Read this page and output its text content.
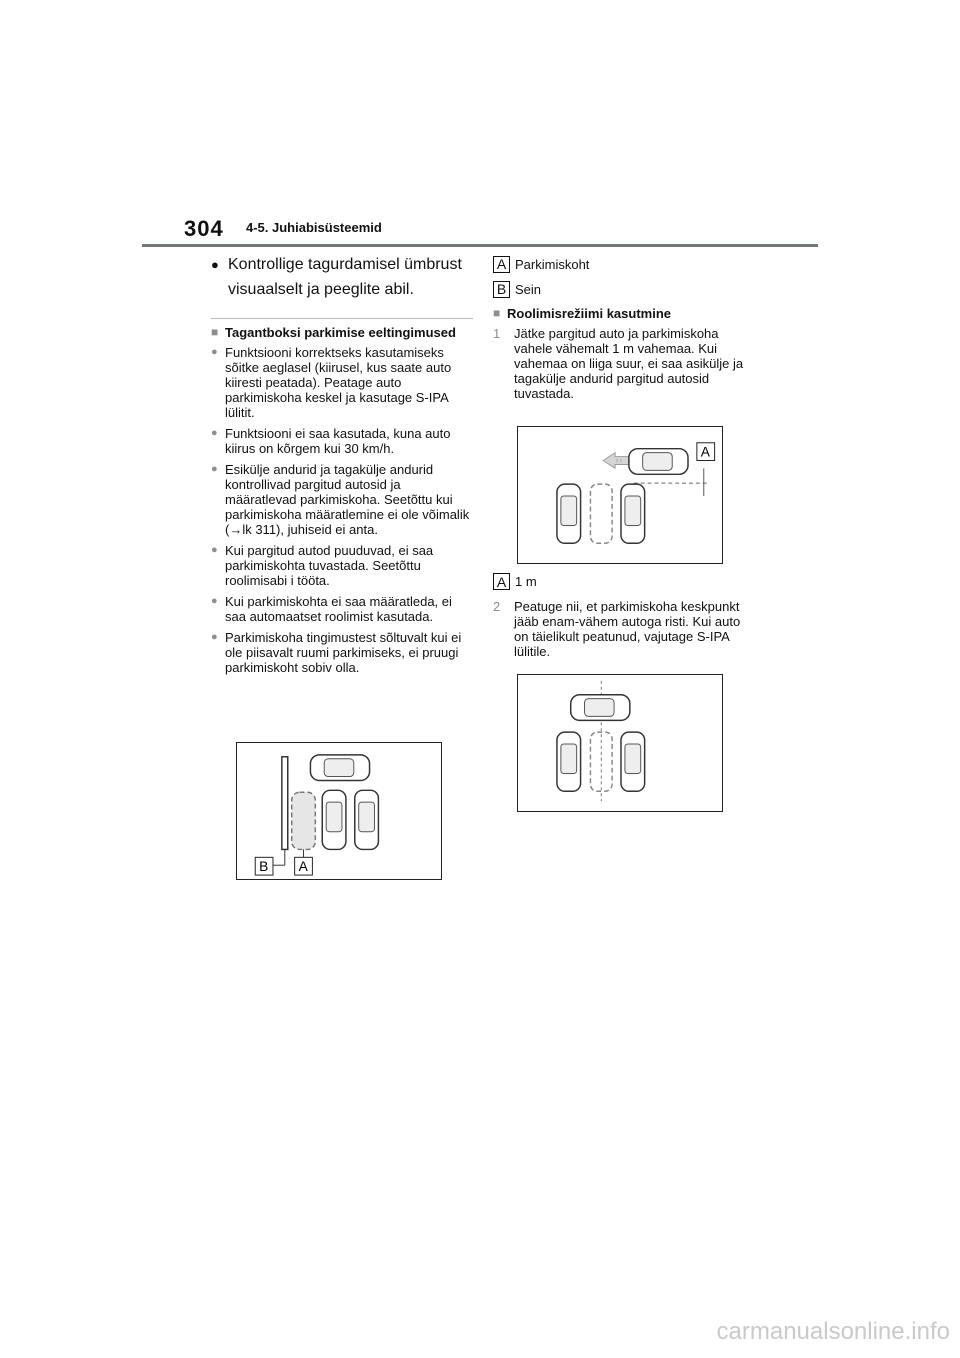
304 4-5. Juhiabisüsteemid
● Kontrollige tagurdamisel ümbrust visuaalselt ja peeglite abil.
■ Tagantboksi parkimise eeltingimused
● Funktsiooni korrektseks kasutamiseks sõitke aeglasel (kiirusel, kus saate auto kiiresti peatada). Peatage auto parkimiskoha keskel ja kasutage S-IPA lülitit.
● Funktsiooni ei saa kasutada, kuna auto kiirus on kõrgem kui 30 km/h.
● Esikülje andurid ja tagakülje andurid kontrollivad pargitud autosid ja määratlevad parkimiskoha. Seetõttu kui parkimiskoha määratlemine ei ole võimalik (→lk 311), juhiseid ei anta.
● Kui pargitud autod puuduvad, ei saa parkimiskohta tuvastada. Seetõttu roolimisabi i tööta.
● Kui parkimiskohta ei saa määratleda, ei saa automaatset roolimist kasutada.
● Parkimiskoha tingimustest sõltuvalt kui ei ole piisavalt ruumi parkimiseks, ei pruugi parkimiskoht sobiv olla.
B A
A Parkimiskoht
B Sein
■ Roolimisrežiimi kasutmine
1	Jätke pargitud auto ja parkimiskoha vahele vähemalt 1 m vahemaa. Kui vahemaa on liiga suur, ei saa asikülje ja tagakülje andurid pargitud autosid tuvastada.
A
A 1 m
2	Peatuge nii, et parkimiskoha keskpunkt jääb enam-vähem autoga risti. Kui auto on täielikult peatunud, vajutage S-IPA lülitile.
carmanualsonline.info
